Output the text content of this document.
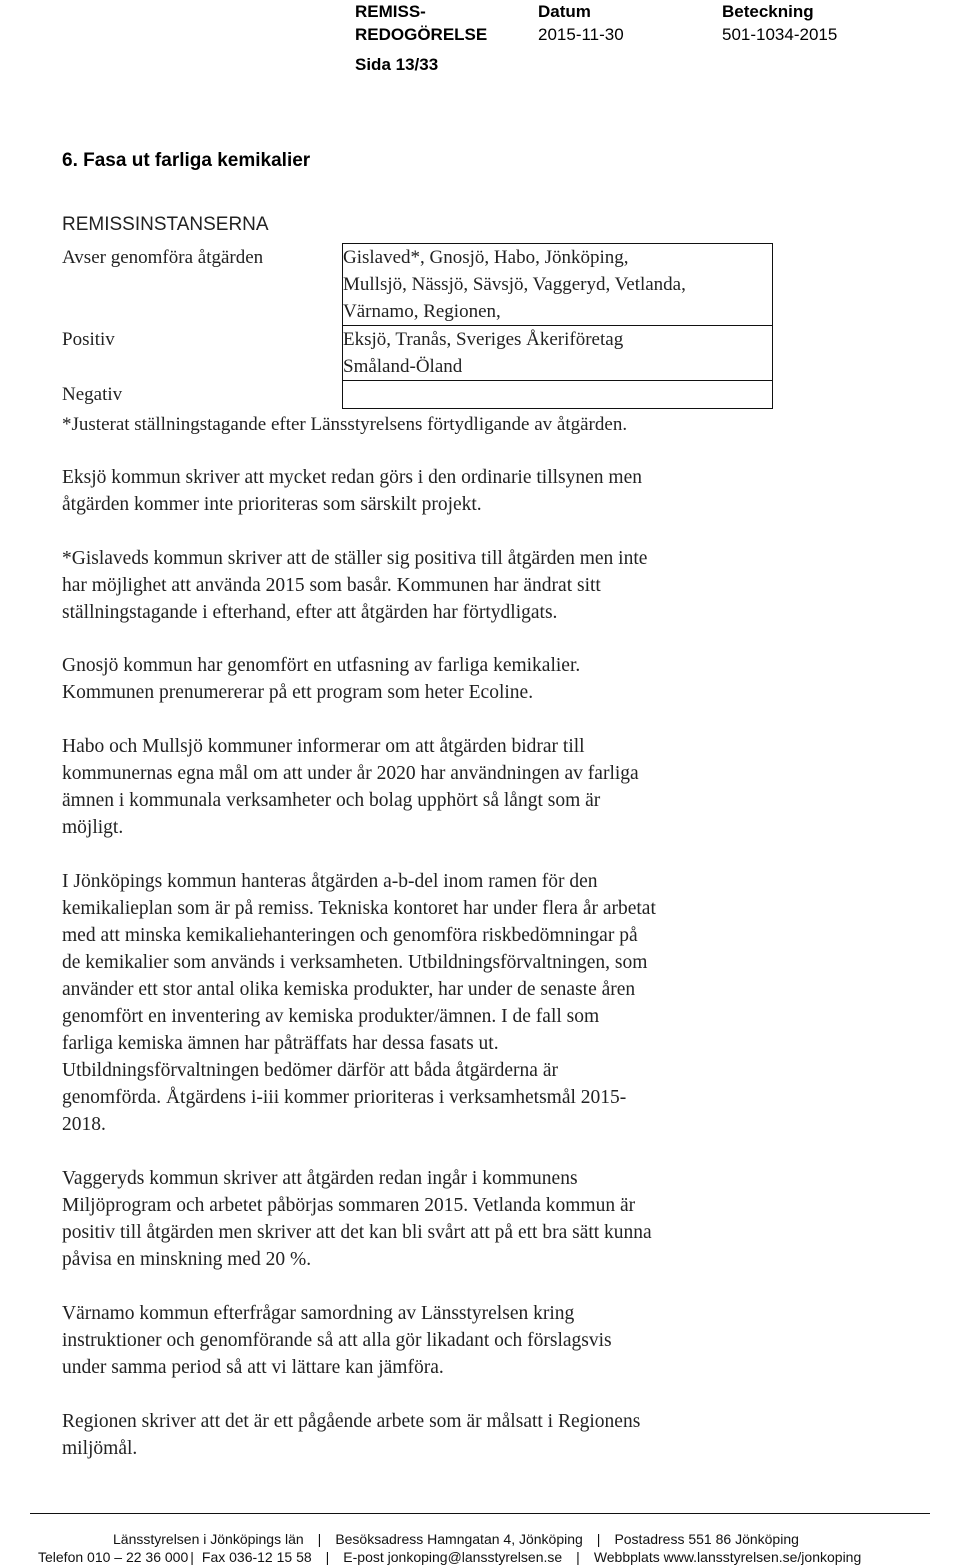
REMISS-
REDOGÖRELSE
Datum
2015-11-30
Beteckning
501-1034-2015
Sida 13/33
6. Fasa ut farliga kemikalier
REMISSINSTANSERNA
Avser genomföra åtgärden	Gislaved*, Gnosjö, Habo, Jönköping,
Mullsjö, Nässjö, Sävsjö, Vaggeryd, Vetlanda,
Värnamo, Regionen,

Positiv	Eksjö, Tranås, Sveriges Åkeriföretag
Småland-Öland

Negativ	
*Justerat ställningstagande efter Länsstyrelsens förtydligande av åtgärden.
Eksjö kommun skriver att mycket redan görs i den ordinarie tillsynen men
åtgärden kommer inte prioriteras som särskilt projekt.
*Gislaveds kommun skriver att de ställer sig positiva till åtgärden men inte
har möjlighet att använda 2015 som basår. Kommunen har ändrat sitt
ställningstagande i efterhand, efter att åtgärden har förtydligats.
Gnosjö kommun har genomfört en utfasning av farliga kemikalier.
Kommunen prenumererar på ett program som heter Ecoline.
Habo och Mullsjö kommuner informerar om att åtgärden bidrar till
kommunernas egna mål om att under år 2020 har användningen av farliga
ämnen i kommunala verksamheter och bolag upphört så långt som är
möjligt.
I Jönköpings kommun hanteras åtgärden a-b-del inom ramen för den
kemikalieplan som är på remiss. Tekniska kontoret har under flera år arbetat
med att minska kemikaliehanteringen och genomföra riskbedömningar på
de kemikalier som används i verksamheten. Utbildningsförvaltningen, som
använder ett stor antal olika kemiska produkter, har under de senaste åren
genomfört en inventering av kemiska produkter/ämnen. I de fall som
farliga kemiska ämnen har påträffats har dessa fasats ut.
Utbildningsförvaltningen bedömer därför att båda åtgärderna är
genomförda. Åtgärdens i-iii kommer prioriteras i verksamhetsmål 2015-
2018.
Vaggeryds kommun skriver att åtgärden redan ingår i kommunens
Miljöprogram och arbetet påbörjas sommaren 2015. Vetlanda kommun är
positiv till åtgärden men skriver att det kan bli svårt att på ett bra sätt kunna
påvisa en minskning med 20 %.
Värnamo kommun efterfrågar samordning av Länsstyrelsen kring
instruktioner och genomförande så att alla gör likadant och förslagsvis
under samma period så att vi lättare kan jämföra.
Regionen skriver att det är ett pågående arbete som är målsatt i Regionens
miljömål.
Länsstyrelsen i Jönköpings län | Besöksadress Hamngatan 4, Jönköping | Postadress 551 86 Jönköping
Telefon 010 – 22 36 000 | Fax 036-12 15 58 | E-post jonkoping@lansstyrelsen.se | Webbplats www.lansstyrelsen.se/jonkoping
